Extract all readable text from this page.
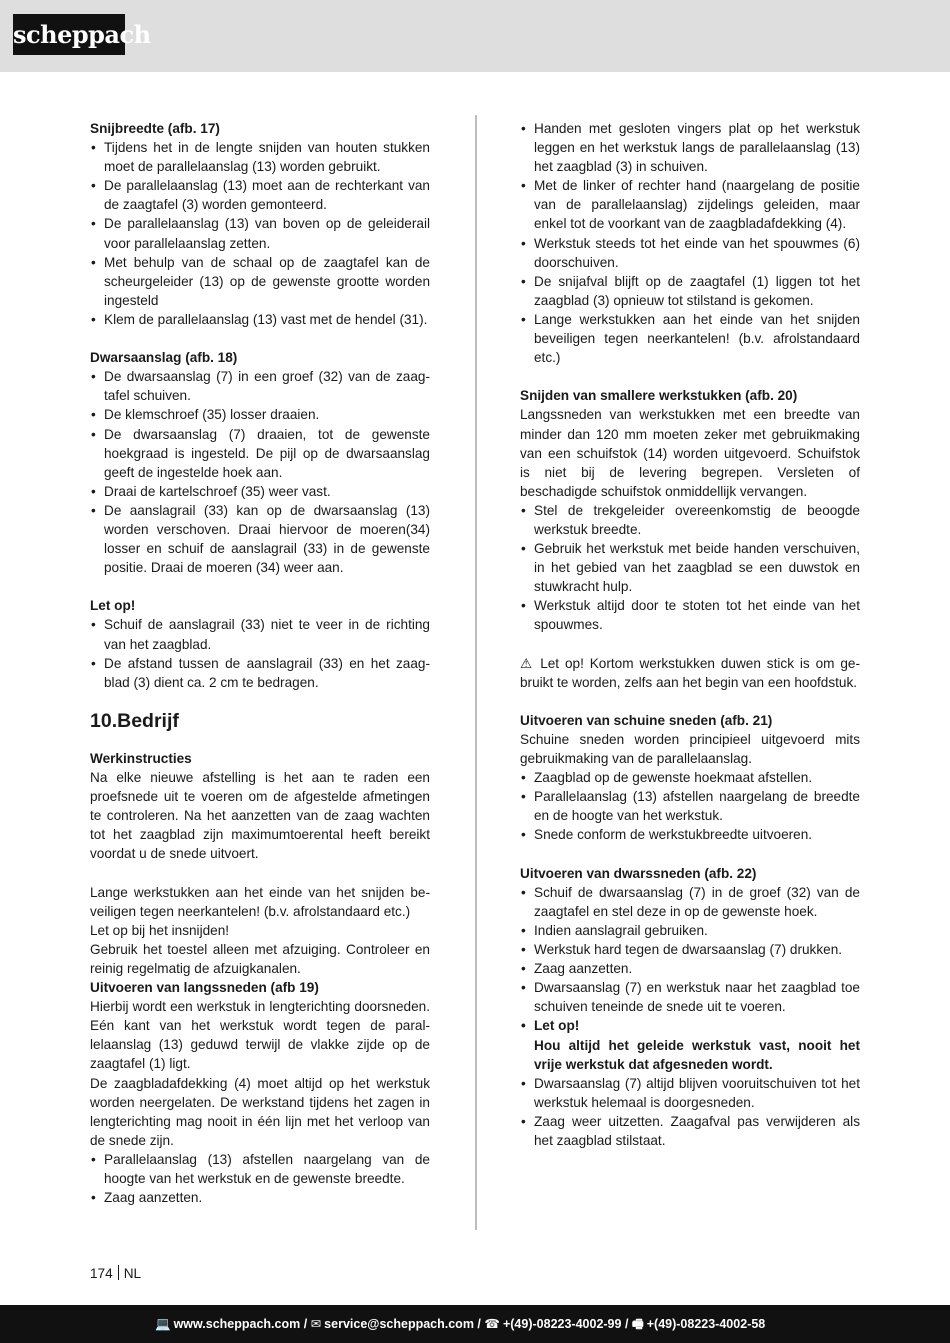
scheppach
Snijbreedte (afb. 17)
• Tijdens het in de lengte snijden van houten stukken moet de parallelaanslag (13) worden gebruikt.
• De parallelaanslag (13) moet aan de rechterkant van de zaagtafel (3) worden gemonteerd.
• De parallelaanslag (13) van boven op de geleiderail voor parallelaanslag zetten.
• Met behulp van de schaal op de zaagtafel kan de scheurgeleider (13) op de gewenste grootte worden ingesteld
• Klem de parallelaanslag (13) vast met de hendel (31).
Dwarsaanslag (afb. 18)
• De dwarsaanslag (7) in een groef (32) van de zaagtafel schuiven.
• De klemschroef (35) losser draaien.
• De dwarsaanslag (7) draaien, tot de gewenste hoekgraad is ingesteld. De pijl op de dwarsaanslag geeft de ingestelde hoek aan.
• Draai de kartelschroef (35) weer vast.
• De aanslagrail (33) kan op de dwarsaanslag (13) worden verschoven. Draai hiervoor de moeren(34) losser en schuif de aanslagrail (33) in de gewenste positie. Draai de moeren (34) weer aan.
Let op!
• Schuif de aanslagrail (33) niet te veer in de richting van het zaagblad.
• De afstand tussen de aanslagrail (33) en het zaagblad (3) dient ca. 2 cm te bedragen.
10.Bedrijf
Werkinstructies

Na elke nieuwe afstelling is het aan te raden een proefsnede uit te voeren om de afgestelde afmetingen te controleren. Na het aanzetten van de zaag wachten tot het zaagblad zijn maximumtoerental heeft bereikt voordat u de snede uitvoert.

Lange werkstukken aan het einde van het snijden beveiligen tegen neerkantelen! (b.v. afrolstandaard etc.)

Let op bij het insnijden!

Gebruik het toestel alleen met afzuiging. Controleer en reinig regelmatig de afzuigkanalen.

Uitvoeren van langssneden (afb 19)

Hierbij wordt een werkstuk in lengterichting doorsneden. Eén kant van het werkstuk wordt tegen de parallelaanslag (13) geduwd terwijl de vlakke zijde op de zaagtafel (1) ligt.

De zaagbladafdekking (4) moet altijd op het werkstuk worden neergelaten. De werkstand tijdens het zagen in lengterichting mag nooit in één lijn met het verloop van de snede zijn.

• Parallelaanslag (13) afstellen naargelang van de hoogte van het werkstuk en de gewenste breedte.
• Zaag aanzetten.
• Handen met gesloten vingers plat op het werkstuk leggen en het werkstuk langs de parallelaanslag (13) het zaagblad (3) in schuiven.
• Met de linker of rechter hand (naargelang de positie van de parallelaanslag) zijdelings geleiden, maar enkel tot de voorkant van de zaagbladafdekking (4).
• Werkstuk steeds tot het einde van het spouwmes (6) doorschuiven.
• De snijafval blijft op de zaagtafel (1) liggen tot het zaagblad (3) opnieuw tot stilstand is gekomen.
• Lange werkstukken aan het einde van het snijden beveiligen tegen neerkantelen! (b.v. afrolstandaard etc.)
Snijden van smallere werkstukken (afb. 20)

Langssneden van werkstukken met een breedte van minder dan 120 mm moeten zeker met gebruikmaking van een schuifstok (14) worden uitgevoerd. Schuifstok is niet bij de levering begrepen. Versleten of beschadigde schuifstok onmiddellijk vervangen.

• Stel de trekgeleider overeenkomstig de beoogde werkstuk breedte.
• Gebruik het werkstuk met beide handen verschuiven, in het gebied van het zaagblad se een duwstok en stuwkracht hulp.
• Werkstuk altijd door te stoten tot het einde van het spouwmes.

⚠ Let op! Kortom werkstukken duwen stick is om gebruikt te worden, zelfs aan het begin van een hoofdstuk.

Uitvoeren van schuine sneden (afb. 21)

Schuine sneden worden principieel uitgevoerd mits gebruikmaking van de parallelaanslag.

• Zaagblad op de gewenste hoekmaat afstellen.
• Parallelaanslag (13) afstellen naargelang de breedte en de hoogte van het werkstuk.
• Snede conform de werkstukbreedte uitvoeren.
Uitvoeren van dwarssneden (afb. 22)
• Schuif de dwarsaanslag (7) in de groef (32) van de zaagtafel en stel deze in op de gewenste hoek.
• Indien aanslagrail gebruiken.
• Werkstuk hard tegen de dwarsaanslag (7) drukken.
• Zaag aanzetten.
• Dwarsaanslag (7) en werkstuk naar het zaagblad toe schuiven teneinde de snede uit te voeren.
• Let op!
Hou altijd het geleide werkstuk vast, nooit het vrije werkstuk dat afgesneden wordt.
• Dwarsaanslag (7) altijd blijven vooruitschuiven tot het werkstuk helemaal is doorgesneden.
• Zaag weer uitzetten. Zaagafval pas verwijderen als het zaagblad stilstaat.
174 NL
💻 www.scheppach.com / ✉ service@scheppach.com / ☎ +(49)-08223-4002-99 / 🖷 +(49)-08223-4002-58
